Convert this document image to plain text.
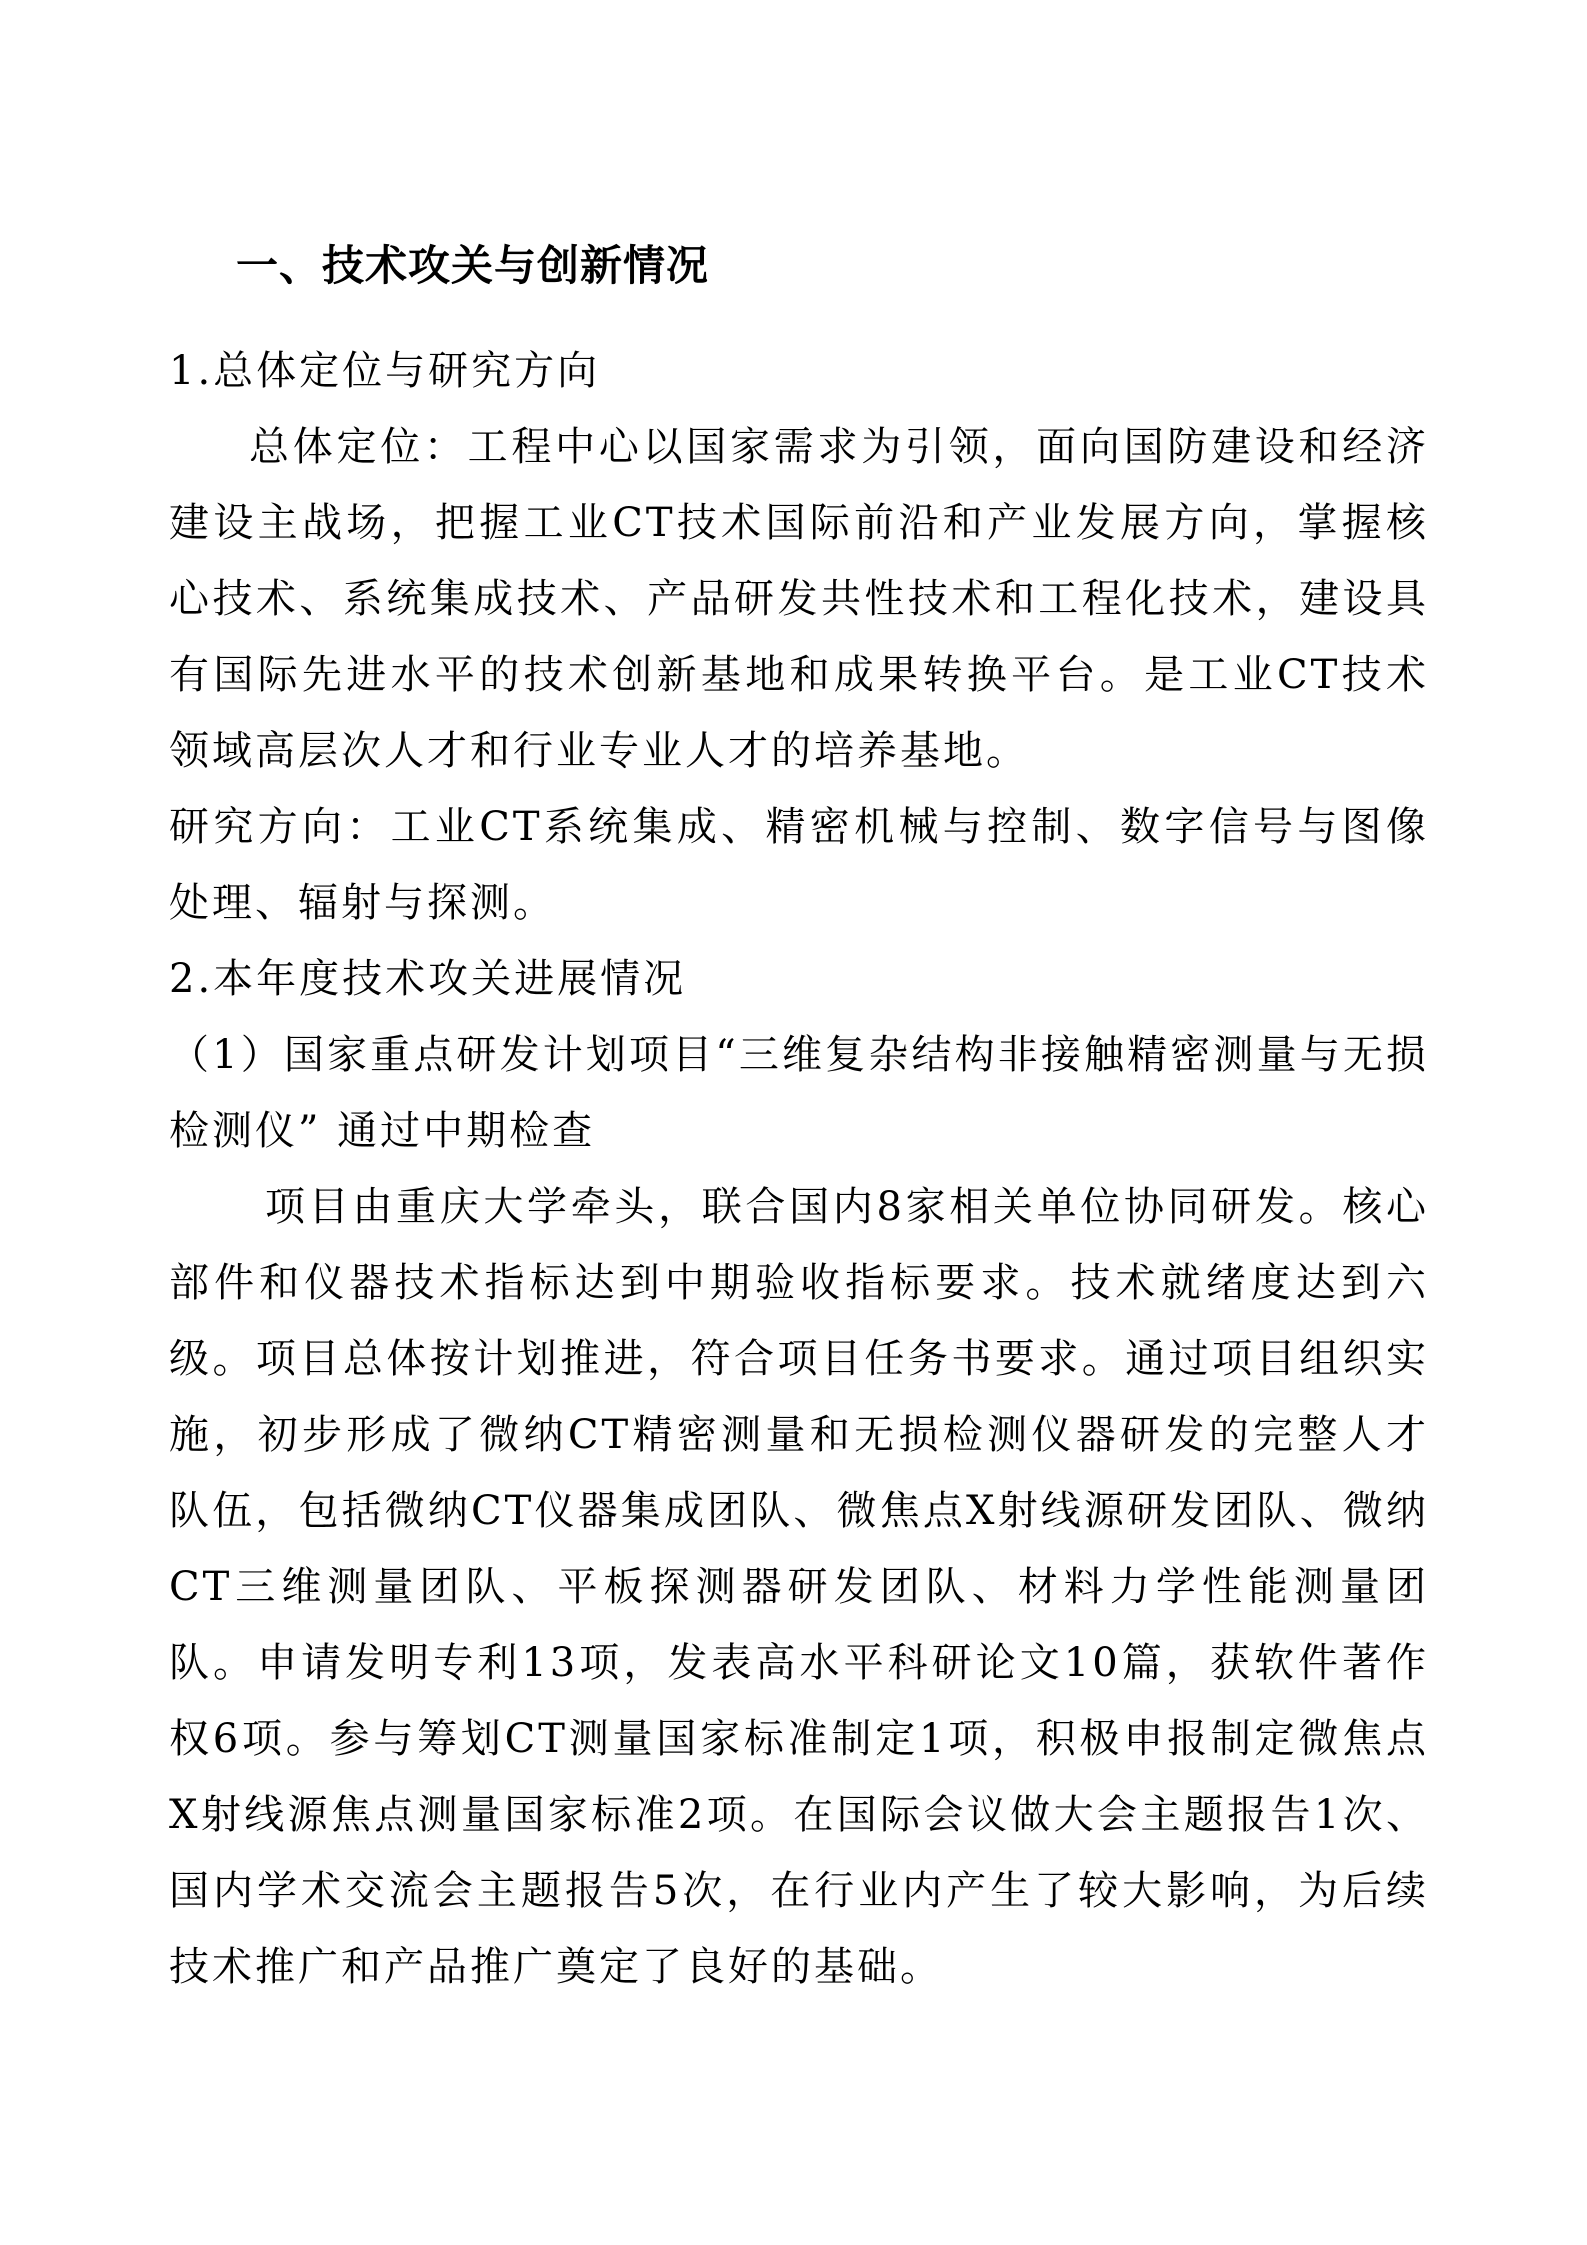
一、技术攻关与创新情况

1.总体定位与研究方向

总体定位：工程中心以国家需求为引领，面向国防建设和经济建设主战场，把握工业CT技术国际前沿和产业发展方向，掌握核心技术、系统集成技术、产品研发共性技术和工程化技术，建设具有国际先进水平的技术创新基地和成果转换平台。是工业CT技术领域高层次人才和行业专业人才的培养基地。

研究方向：工业CT系统集成、精密机械与控制、数字信号与图像处理、辐射与探测。

2.本年度技术攻关进展情况

（1）国家重点研发计划项目“三维复杂结构非接触精密测量与无损检测仪” 通过中期检查

项目由重庆大学牵头，联合国内8家相关单位协同研发。核心部件和仪器技术指标达到中期验收指标要求。技术就绪度达到六级。项目总体按计划推进，符合项目任务书要求。通过项目组织实施，初步形成了微纳CT精密测量和无损检测仪器研发的完整人才队伍，包括微纳CT仪器集成团队、微焦点X射线源研发团队、微纳CT三维测量团队、平板探测器研发团队、材料力学性能测量团队。申请发明专利13项，发表高水平科研论文10篇，获软件著作权6项。参与筹划CT测量国家标准制定1项，积极申报制定微焦点X射线源焦点测量国家标准2项。在国际会议做大会主题报告1次、国内学术交流会主题报告5次，在行业内产生了较大影响，为后续技术推广和产品推广奠定了良好的基础。
